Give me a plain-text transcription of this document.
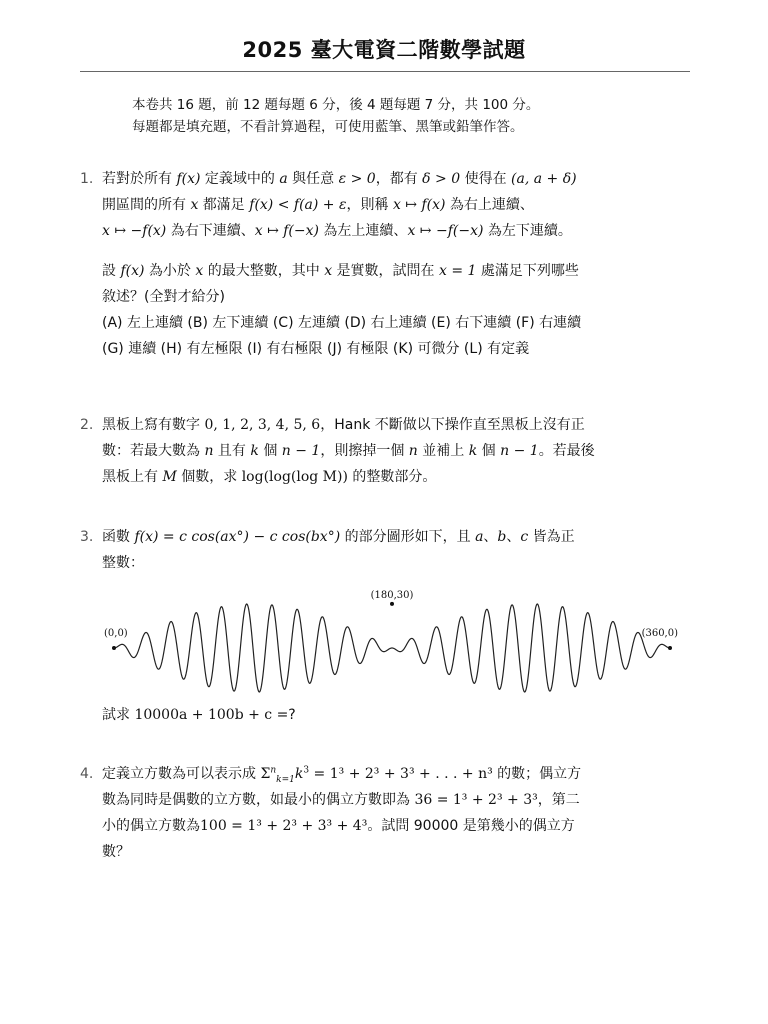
2025 臺大電資二階數學試題
本卷共 16 題，前 12 題每題 6 分，後 4 題每題 7 分，共 100 分。
每題都是填充題，不看計算過程，可使用藍筆、黑筆或鉛筆作答。
1. 若對於所有 f(x) 定義域中的 a 與任意 ε > 0，都有 δ > 0 使得在 (a, a + δ)
開區間的所有 x 都滿足 f(x) < f(a) + ε，則稱 x ↦ f(x) 為右上連續、
x ↦ −f(x) 為右下連續、x ↦ f(−x) 為左上連續、x ↦ −f(−x) 為左下連續。
設 f(x) 為小於 x 的最大整數，其中 x 是實數，試問在 x = 1 處滿足下列哪些
敘述？(全對才給分)
(A) 左上連續 (B) 左下連續 (C) 左連續 (D) 右上連續 (E) 右下連續 (F) 右連續
(G) 連續 (H) 有左極限 (I) 有右極限 (J) 有極限 (K) 可微分 (L) 有定義
2. 黑板上寫有數字 0, 1, 2, 3, 4, 5, 6，Hank 不斷做以下操作直至黑板上沒有正
數：若最大數為 n 且有 k 個 n − 1，則擦掉一個 n 並補上 k 個 n − 1。若最後
黑板上有 M 個數，求 log(log(log M)) 的整數部分。
3. 函數 f(x) = c cos(ax°) − c cos(bx°) 的部分圖形如下，且 a、b、c 皆為正
整數：
(0,0)
(180,30)
(360,0)
試求 10000a + 100b + c =?
4. 定義立方數為可以表示成 $\Sigma^n_{k=1}k^3 = 1^3 + 2^3 + 3^3$ + . . . + n³ 的數；偶立方
數為同時是偶數的立方數，如最小的偶立方數即為 36 = 1³ + 2³ + 3³，第二
小的偶立方數為100 = 1³ + 2³ + 3³ + 4³。試問 90000 是第幾小的偶立方
數？
